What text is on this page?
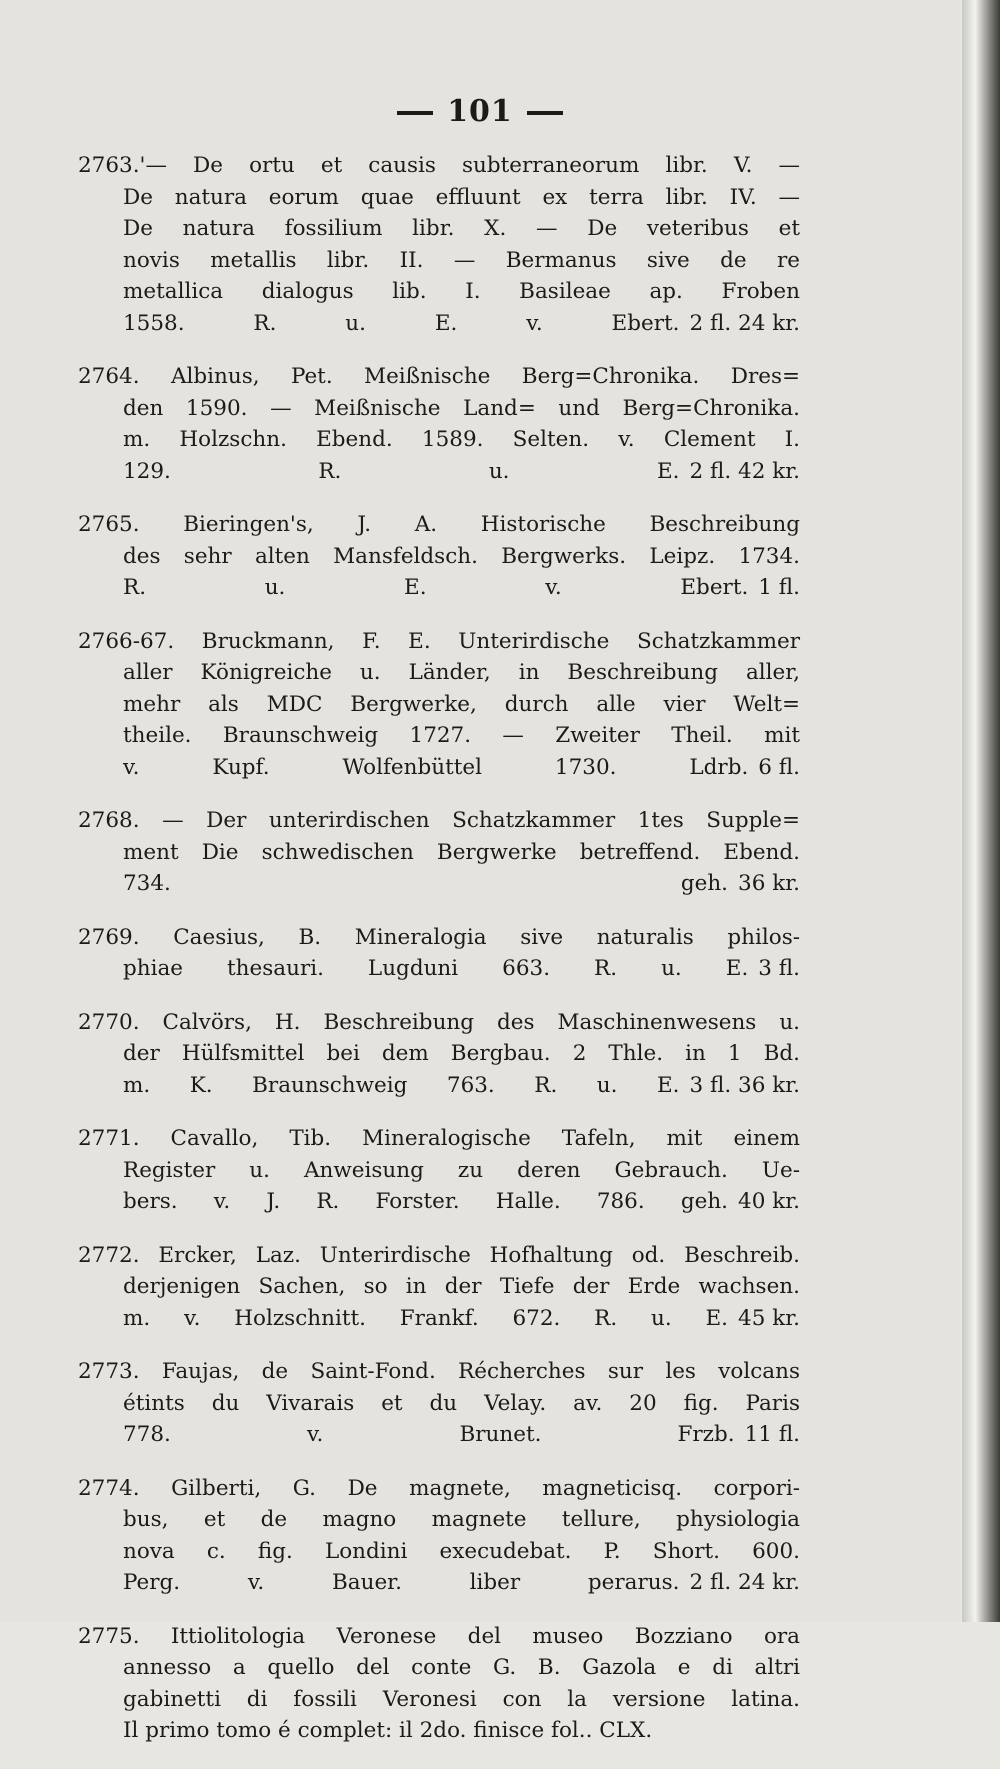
101
2763.'— De ortu et causis subterraneorum libr. V. —
De natura eorum quae effluunt ex terra libr. IV. —
De natura fossilium libr. X. — De veteribus et
novis metallis libr. II. — Bermanus sive de re
metallica dialogus lib. I. Basileae ap. Froben
1558. R. u. E. v. Ebert. 2 fl. 24 kr.
2764. Albinus, Pet. Meißnische Berg=Chronika. Dres=
den 1590. — Meißnische Land= und Berg=Chronika.
m. Holzschn. Ebend. 1589. Selten. v. Clement I.
129. R. u. E. 2 fl. 42 kr.
2765. Bieringen's, J. A. Historische Beschreibung
des sehr alten Mansfeldsch. Bergwerks. Leipz. 1734.
R. u. E. v. Ebert. 1 fl.
2766-67. Bruckmann, F. E. Unterirdische Schatzkammer
aller Königreiche u. Länder, in Beschreibung aller,
mehr als MDC Bergwerke, durch alle vier Welt=
theile. Braunschweig 1727. — Zweiter Theil. mit
v. Kupf. Wolfenbüttel 1730. Ldrb. 6 fl.
2768. — Der unterirdischen Schatzkammer 1tes Supple=
ment Die schwedischen Bergwerke betreffend. Ebend.
734. geh. 36 kr.
2769. Caesius, B. Mineralogia sive naturalis philos-
phiae thesauri. Lugduni 663. R. u. E. 3 fl.
2770. Calvörs, H. Beschreibung des Maschinenwesens u.
der Hülfsmittel bei dem Bergbau. 2 Thle. in 1 Bd.
m. K. Braunschweig 763. R. u. E. 3 fl. 36 kr.
2771. Cavallo, Tib. Mineralogische Tafeln, mit einem
Register u. Anweisung zu deren Gebrauch. Ue-
bers. v. J. R. Forster. Halle. 786. geh. 40 kr.
2772. Ercker, Laz. Unterirdische Hofhaltung od. Beschreib.
derjenigen Sachen, so in der Tiefe der Erde wachsen.
m. v. Holzschnitt. Frankf. 672. R. u. E. 45 kr.
2773. Faujas, de Saint-Fond. Récherches sur les volcans
étints du Vivarais et du Velay. av. 20 fig. Paris
778. v. Brunet. Frzb. 11 fl.
2774. Gilberti, G. De magnete, magneticisq. corpori-
bus, et de magno magnete tellure, physiologia
nova c. fig. Londini execudebat. P. Short. 600.
Perg. v. Bauer. liber perarus. 2 fl. 24 kr.
2775. Ittiolitologia Veronese del museo Bozziano ora
annesso a quello del conte G. B. Gazola e di altri
gabinetti di fossili Veronesi con la versione latina.
Il primo tomo é complet: il 2do. finisce fol.. CLX.
